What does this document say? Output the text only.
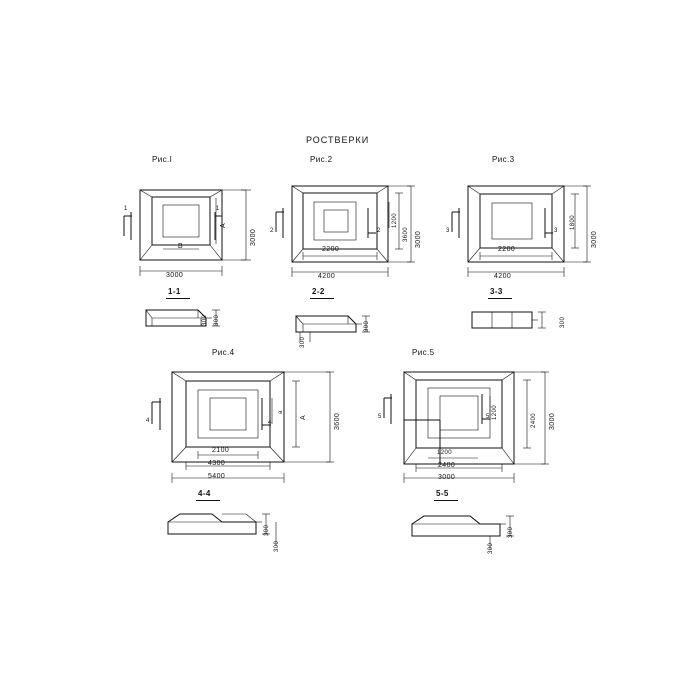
РОСТВЕРКИ
Рис.I
1	1
A
B
3000
3000
1-1
300
300
Рис.2
2	2
1200
3600 3000
2200
4200
2-2
300
300
Рис.3
3	3
1800
3000
2200
4200
3-3
300
Рис.4
4	4
A
a
3600
2100
4300
5400
4-4
300
300
Рис.5
5	5 1200
2400 3000
1200
2400
3000
5-5
300
300
